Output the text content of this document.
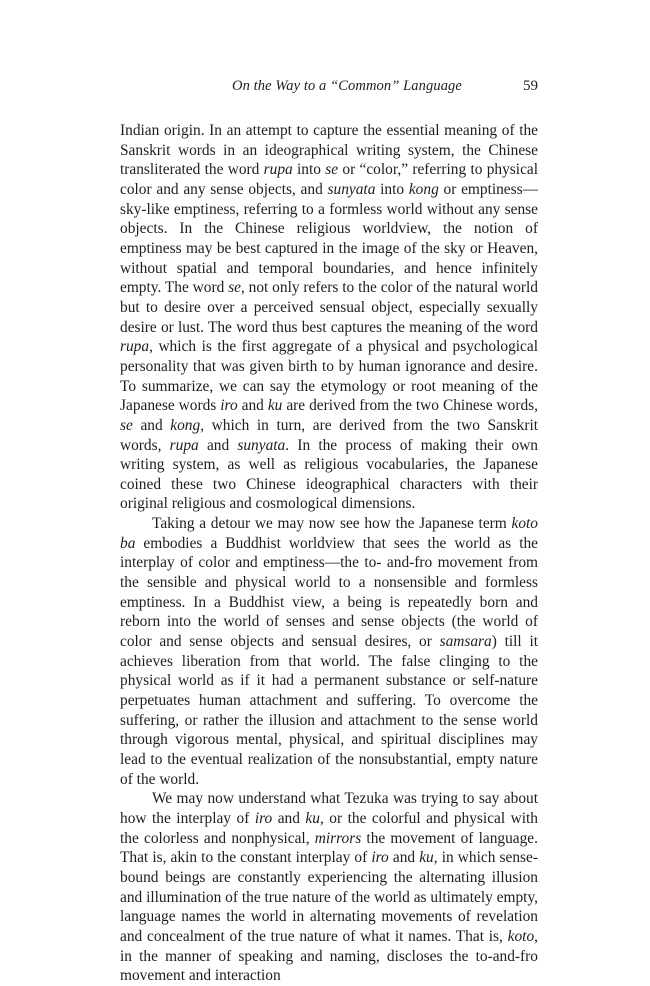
On the Way to a “Common” Language	59

Indian origin. In an attempt to capture the essential meaning of the Sanskrit words in an ideographical writing system, the Chinese transliterated the word rupa into se or “color,” referring to physical color and any sense objects, and sunyata into kong or emptiness—sky-like emptiness, referring to a formless world without any sense objects. In the Chinese religious worldview, the notion of emptiness may be best captured in the image of the sky or Heaven, without spatial and temporal boundaries, and hence infinitely empty. The word se, not only refers to the color of the natural world but to desire over a perceived sensual object, especially sexually desire or lust. The word thus best captures the meaning of the word rupa, which is the first aggregate of a physical and psychological personality that was given birth to by human ignorance and desire. To summarize, we can say the etymology or root meaning of the Japanese words iro and ku are derived from the two Chinese words, se and kong, which in turn, are derived from the two Sanskrit words, rupa and sunyata. In the process of making their own writing system, as well as religious vocabularies, the Japanese coined these two Chinese ideographical characters with their original religious and cosmological dimensions.

Taking a detour we may now see how the Japanese term koto ba embodies a Buddhist worldview that sees the world as the interplay of color and emptiness—the to- and-fro movement from the sensible and physical world to a nonsensible and formless emptiness. In a Buddhist view, a being is repeatedly born and reborn into the world of senses and sense objects (the world of color and sense objects and sensual desires, or samsara) till it achieves liberation from that world. The false clinging to the physical world as if it had a permanent substance or self-nature perpetuates human attachment and suffering. To overcome the suffering, or rather the illusion and attachment to the sense world through vigorous mental, physical, and spiritual disciplines may lead to the eventual realization of the nonsubstantial, empty nature of the world.

We may now understand what Tezuka was trying to say about how the interplay of iro and ku, or the colorful and physical with the colorless and nonphysical, mirrors the movement of language. That is, akin to the constant interplay of iro and ku, in which sense-bound beings are constantly experiencing the alternating illusion and illumination of the true nature of the world as ultimately empty, language names the world in alternating movements of revelation and concealment of the true nature of what it names. That is, koto, in the manner of speaking and naming, discloses the to-and-fro movement and interaction
